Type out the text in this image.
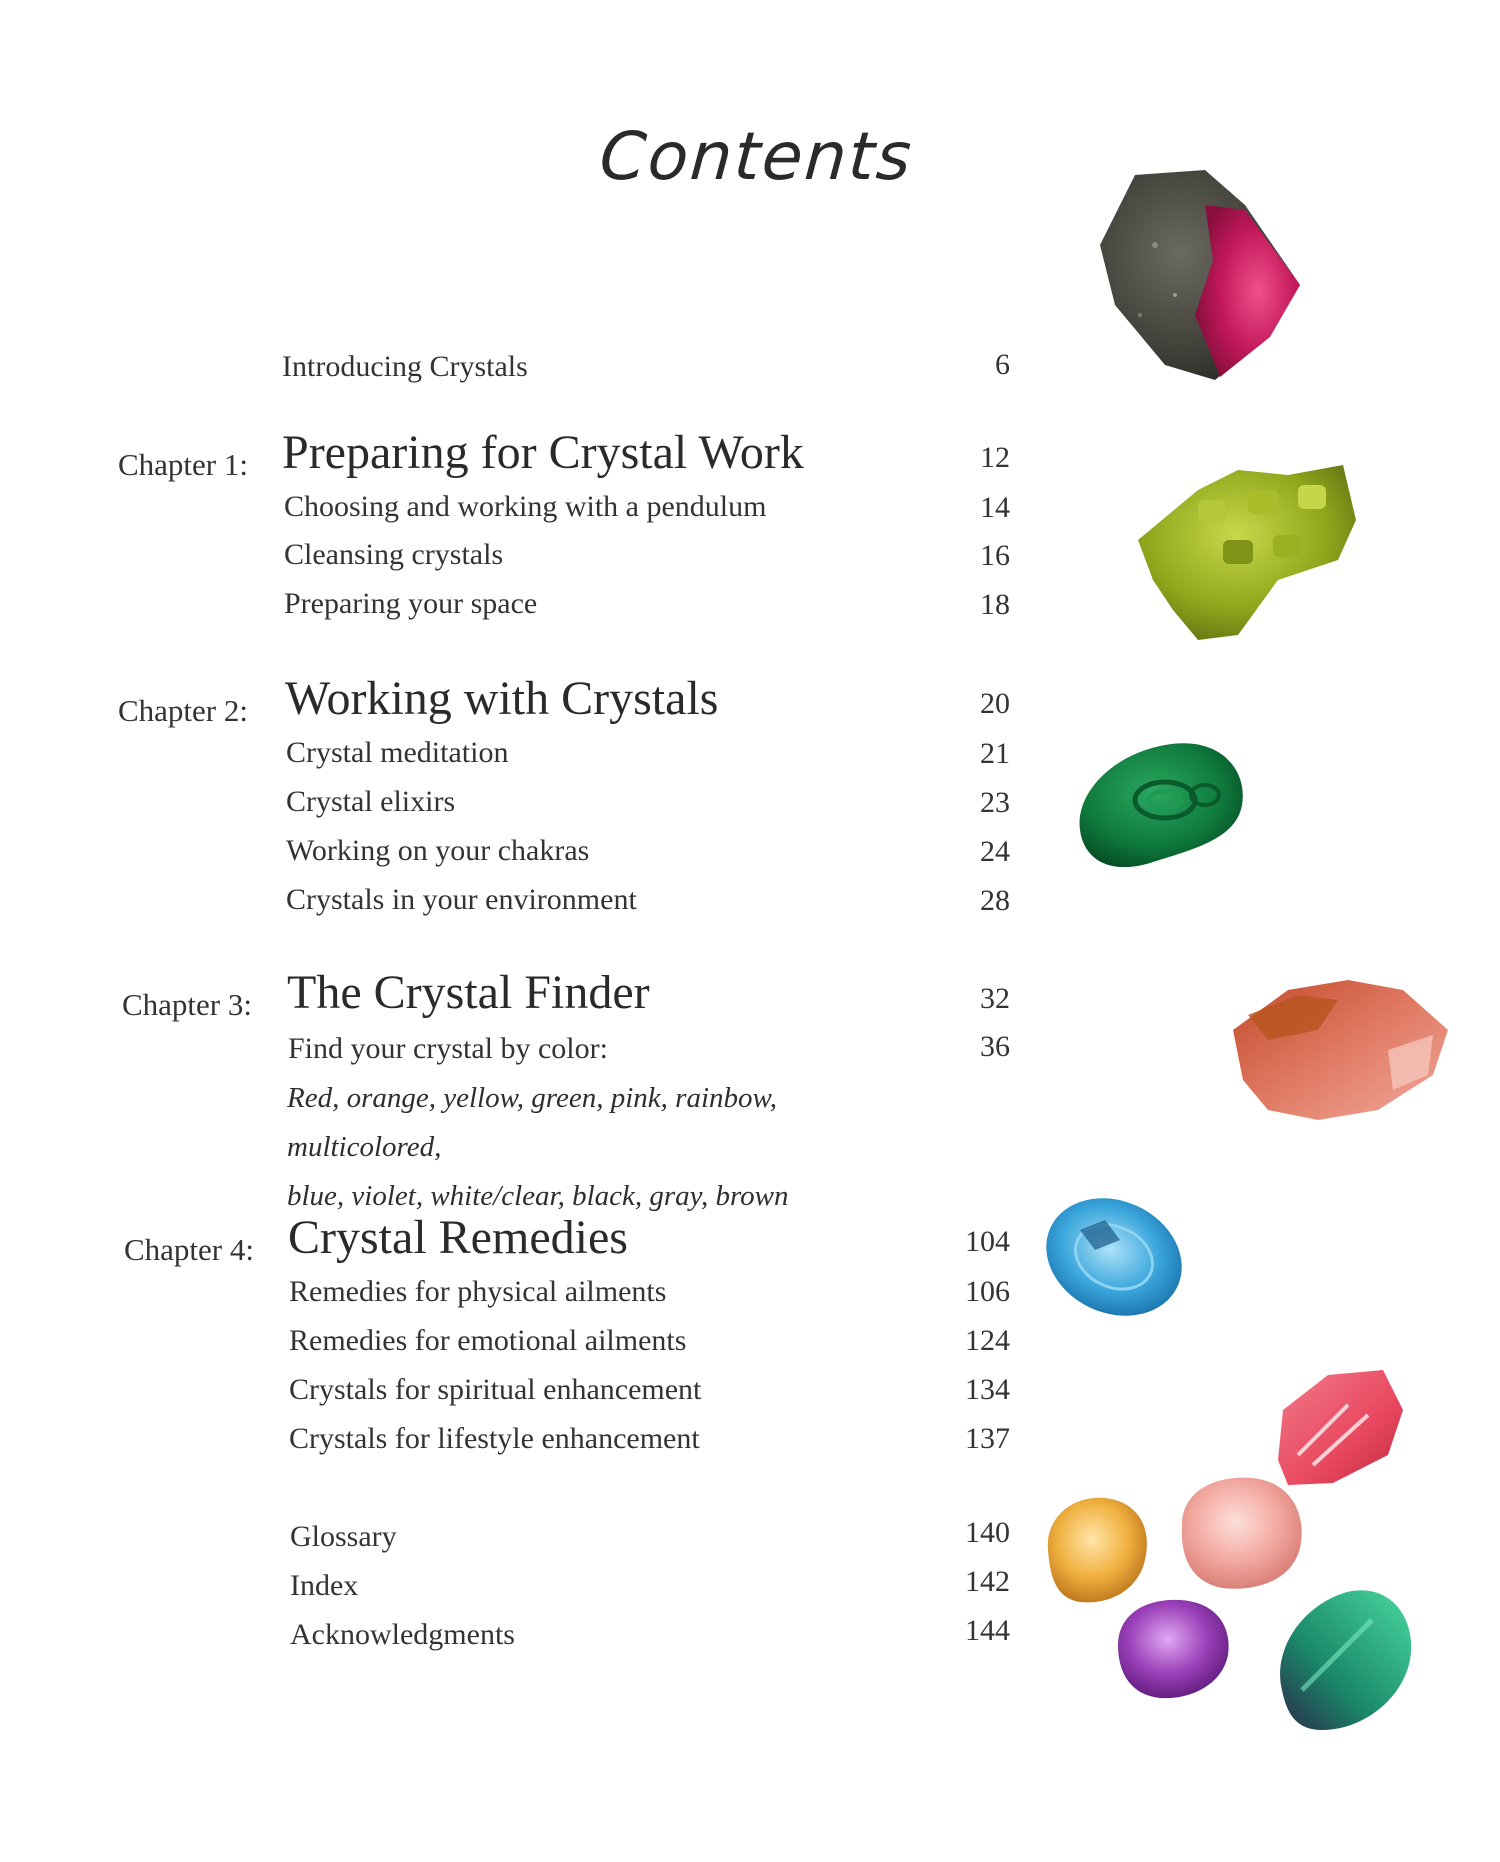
Contents
Introducing Crystals	6
Chapter 1: Preparing for Crystal Work	12
Choosing and working with a pendulum	14
Cleansing crystals	16
Preparing your space	18
Chapter 2: Working with Crystals	20
Crystal meditation	21
Crystal elixirs	23
Working on your chakras	24
Crystals in your environment	28
Chapter 3: The Crystal Finder	32
Find your crystal by color:	36
Red, orange, yellow, green, pink, rainbow, multicolored,
blue, violet, white/clear, black, gray, brown
Chapter 4: Crystal Remedies	104
Remedies for physical ailments	106
Remedies for emotional ailments	124
Crystals for spiritual enhancement	134
Crystals for lifestyle enhancement	137
Glossary	140
Index	142
Acknowledgments	144
